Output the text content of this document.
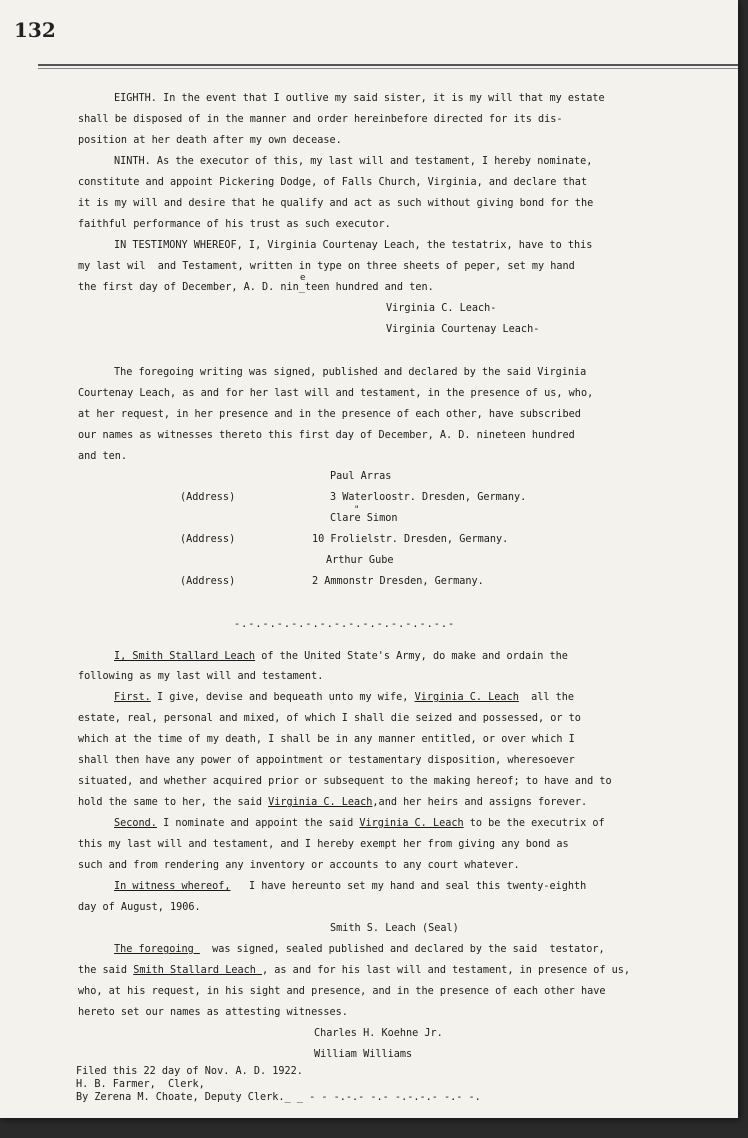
132
EIGHTH. In the event that I outlive my said sister, it is my will that my estate
shall be disposed of in the manner and order hereinbefore directed for its dis-
position at her death after my own decease.
NINTH. As the executor of this, my last will and testament, I hereby nominate,
constitute and appoint Pickering Dodge, of Falls Church, Virginia, and declare that
it is my will and desire that he qualify and act as such without giving bond for the
faithful performance of his trust as such executor.
IN TESTIMONY WHEREOF, I, Virginia Courtenay Leach, the testatrix, have to this
my last wil  and Testament, written in type on three sheets of peper, set my hand
e
the first day of December, A. D. nin_teen hundred and ten.
Virginia C. Leach-
Virginia Courtenay Leach-
The foregoing writing was signed, published and declared by the said Virginia
Courtenay Leach, as and for her last will and testament, in the presence of us, who,
at her request, in her presence and in the presence of each other, have subscribed
our names as witnesses thereto this first day of December, A. D. nineteen hundred
and ten.
Paul Arras
(Address)	3 Waterloostr. Dresden, Germany.
"
Clare Simon
(Address)	10 Frolielstr. Dresden, Germany.
Arthur Gube
(Address)	2 Ammonstr Dresden, Germany.
-.-.-.-.-.-.-.-.-.-.-.-.-.-.-.-
I, Smith Stallard Leach of the United State's Army, do make and ordain the
following as my last will and testament.
First. I give, devise and bequeath unto my wife, Virginia C. Leach  all the
estate, real, personal and mixed, of which I shall die seized and possessed, or to
which at the time of my death, I shall be in any manner entitled, or over which I
shall then have any power of appointment or testamentary disposition, wheresoever
situated, and whether acquired prior or subsequent to the making hereof; to have and to
hold the same to her, the said Virginia C. Leach,and her heirs and assigns forever.
Second. I nominate and appoint the said Virginia C. Leach to be the executrix of
this my last will and testament, and I hereby exempt her from giving any bond as
such and from rendering any inventory or accounts to any court whatever.
In witness whereof,   I have hereunto set my hand and seal this twenty-eighth
day of August, 1906.
Smith S. Leach (Seal)
The foregoing   was signed, sealed published and declared by the said  testator,
the said Smith Stallard Leach , as and for his last will and testament, in presence of us,
who, at his request, in his sight and presence, and in the presence of each other have
hereto set our names as attesting witnesses.
Charles H. Koehne Jr.
William Williams
Filed this 22 day of Nov. A. D. 1922.
H. B. Farmer,  Clerk,
By Zerena M. Choate, Deputy Clerk._ _ - - -.-.- -.- -.-.-.- -.- -.
